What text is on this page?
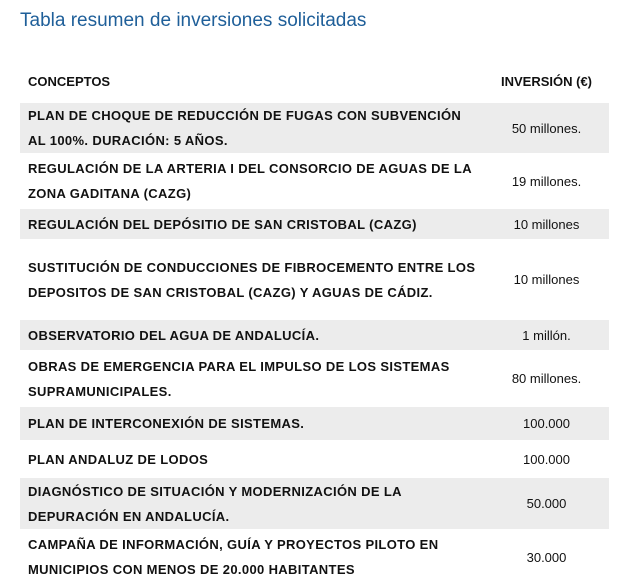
Tabla resumen de inversiones solicitadas
CONCEPTOS	INVERSIÓN (€)
PLAN DE CHOQUE DE REDUCCIÓN DE FUGAS CON SUBVENCIÓN AL 100%. DURACIÓN: 5 AÑOS.	50 millones.
REGULACIÓN DE LA ARTERIA I DEL CONSORCIO DE AGUAS DE LA ZONA GADITANA (CAZG)	19 millones.
REGULACIÓN DEL DEPÓSITIO DE SAN CRISTOBAL (CAZG)	10 millones
SUSTITUCIÓN DE CONDUCCIONES DE FIBROCEMENTO ENTRE LOS DEPOSITOS DE SAN CRISTOBAL (CAZG) Y AGUAS DE CÁDIZ.	10 millones
OBSERVATORIO DEL AGUA DE ANDALUCÍA.	1 millón.
OBRAS DE EMERGENCIA PARA EL IMPULSO DE LOS SISTEMAS SUPRAMUNICIPALES.	80 millones.
PLAN DE INTERCONEXIÓN DE SISTEMAS.	100.000
PLAN ANDALUZ DE LODOS	100.000
DIAGNÓSTICO DE SITUACIÓN Y MODERNIZACIÓN DE LA DEPURACIÓN EN ANDALUCÍA.	50.000
CAMPAÑA DE INFORMACIÓN, GUÍA Y PROYECTOS PILOTO EN MUNICIPIOS CON MENOS DE 20.000 HABITANTES	30.000
